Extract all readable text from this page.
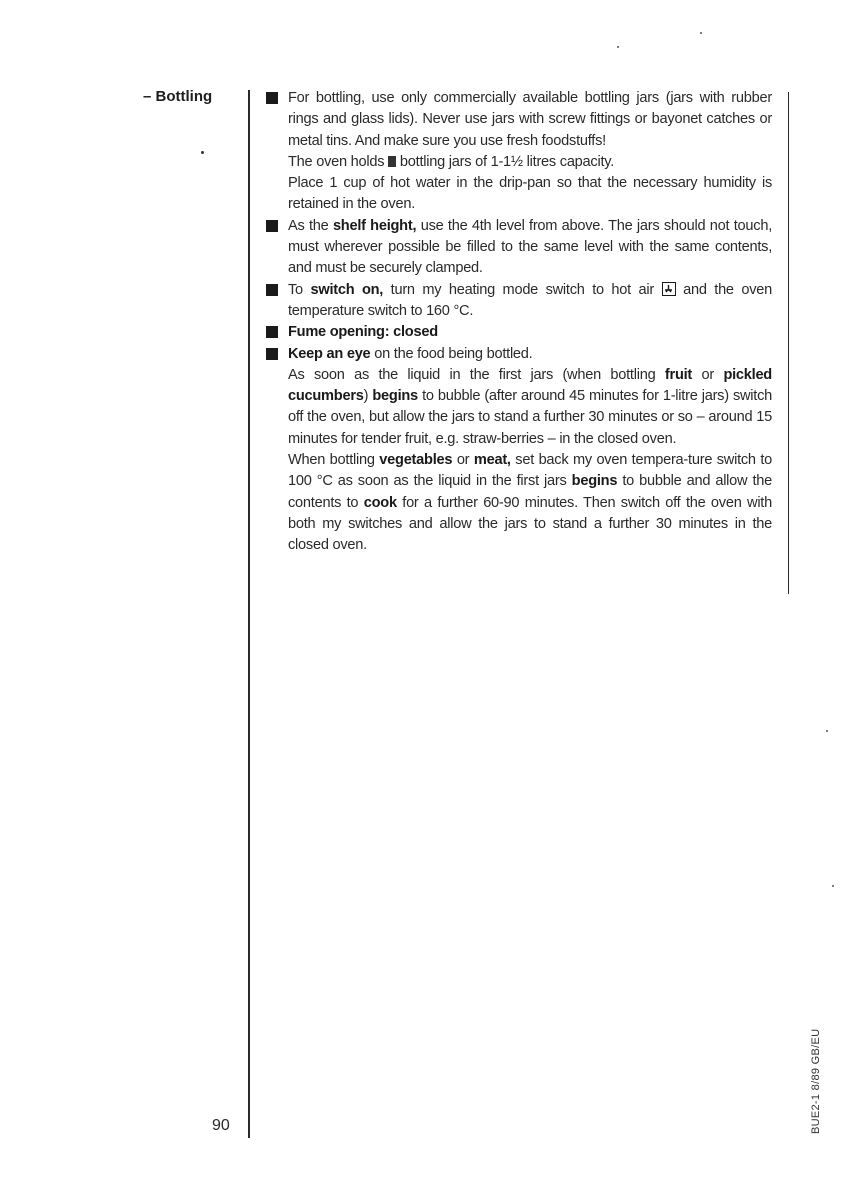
– Bottling	For bottling, use only commercially available bottling jars (jars with rubber rings and glass lids). Never use jars with screw fittings or bayonet catches or metal tins. And make sure you use fresh foodstuffs!

The oven holds bottling jars of 1-1½ litres capacity.

Place 1 cup of hot water in the drip-pan so that the necessary humidity is retained in the oven.

As the shelf height, use the 4th level from above. The jars should not touch, must wherever possible be filled to the same level with the same contents, and must be securely clamped.

To switch on, turn my heating mode switch to hot air and the oven temperature switch to 160 °C.

Fume opening: closed

Keep an eye on the food being bottled.

As soon as the liquid in the first jars (when bottling fruit or pickled cucumbers) begins to bubble (after around 45 minutes for 1-litre jars) switch off the oven, but allow the jars to stand a further 30 minutes or so – around 15 minutes for tender fruit, e.g. straw-berries – in the closed oven.

When bottling vegetables or meat, set back my oven tempera-ture switch to 100 °C as soon as the liquid in the first jars begins to bubble and allow the contents to cook for a further 60-90 minutes. Then switch off the oven with both my switches and allow the jars to stand a further 30 minutes in the closed oven.

90	BUE2-1 8/89 GB/EU
